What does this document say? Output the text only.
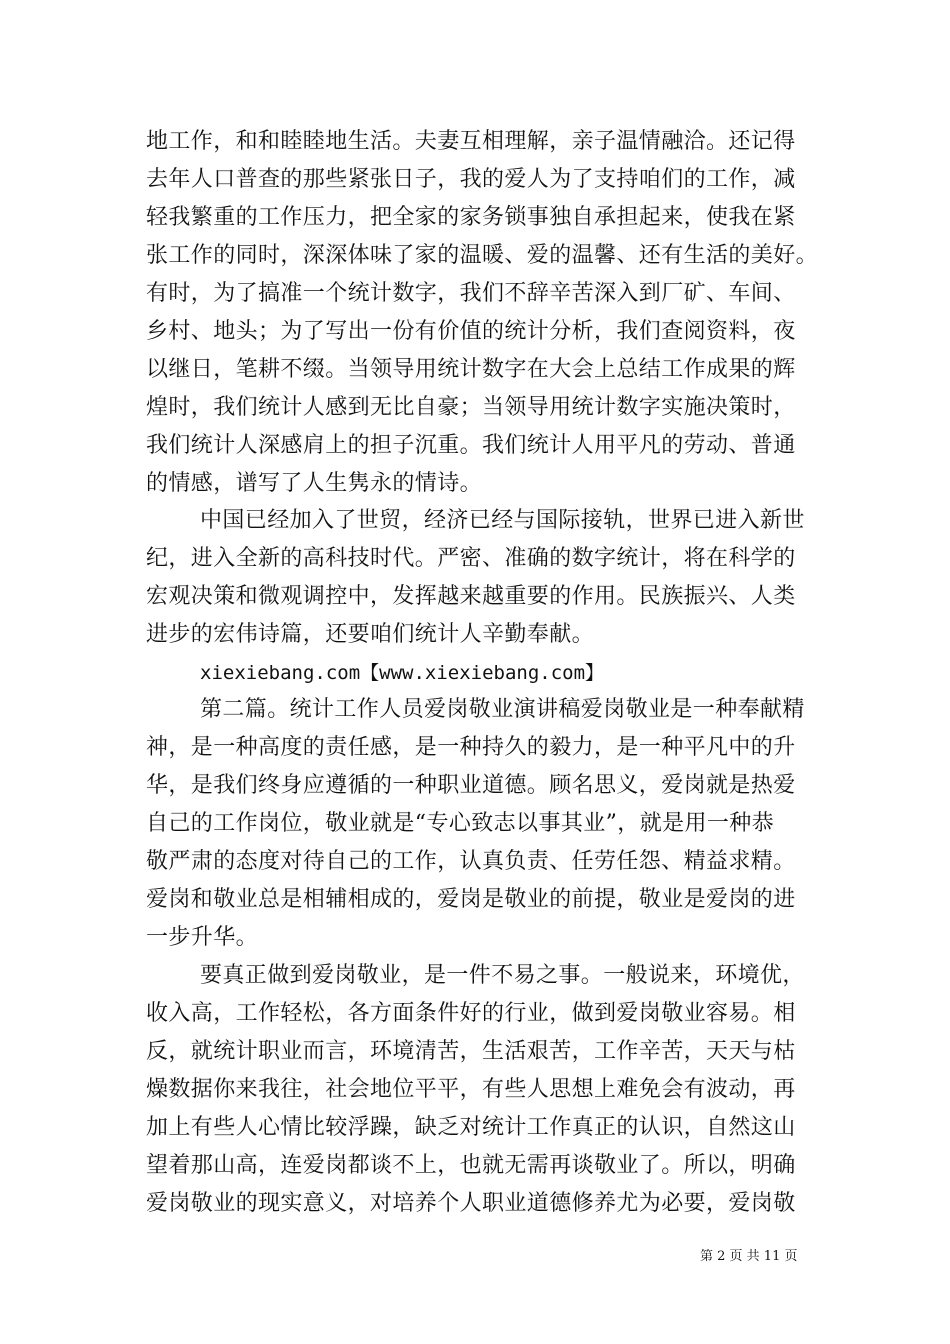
地工作，和和睦睦地生活。夫妻互相理解，亲子温情融洽。还记得
去年人口普查的那些紧张日子，我的爱人为了支持咱们的工作，减
轻我繁重的工作压力，把全家的家务锁事独自承担起来，使我在紧
张工作的同时，深深体味了家的温暖、爱的温馨、还有生活的美好。
有时，为了搞准一个统计数字，我们不辞辛苦深入到厂矿、车间、
乡村、地头；为了写出一份有价值的统计分析，我们查阅资料，夜
以继日，笔耕不缀。当领导用统计数字在大会上总结工作成果的辉
煌时，我们统计人感到无比自豪；当领导用统计数字实施决策时，
我们统计人深感肩上的担子沉重。我们统计人用平凡的劳动、普通
的情感，谱写了人生隽永的情诗。
中国已经加入了世贸，经济已经与国际接轨，世界已进入新世
纪，进入全新的高科技时代。严密、准确的数字统计，将在科学的
宏观决策和微观调控中，发挥越来越重要的作用。民族振兴、人类
进步的宏伟诗篇，还要咱们统计人辛勤奉献。
xiexiebang.com【www.xiexiebang.com】
第二篇。统计工作人员爱岗敬业演讲稿爱岗敬业是一种奉献精
神，是一种高度的责任感，是一种持久的毅力，是一种平凡中的升
华，是我们终身应遵循的一种职业道德。顾名思义，爱岗就是热爱
自己的工作岗位，敬业就是“专心致志以事其业”，就是用一种恭
敬严肃的态度对待自己的工作，认真负责、任劳任怨、精益求精。
爱岗和敬业总是相辅相成的，爱岗是敬业的前提，敬业是爱岗的进
一步升华。
要真正做到爱岗敬业，是一件不易之事。一般说来，环境优，
收入高，工作轻松，各方面条件好的行业，做到爱岗敬业容易。相
反，就统计职业而言，环境清苦，生活艰苦，工作辛苦，天天与枯
燥数据你来我往，社会地位平平，有些人思想上难免会有波动，再
加上有些人心情比较浮躁，缺乏对统计工作真正的认识，自然这山
望着那山高，连爱岗都谈不上，也就无需再谈敬业了。所以，明确
爱岗敬业的现实意义，对培养个人职业道德修养尤为必要，爱岗敬
第 2 页 共 11 页
